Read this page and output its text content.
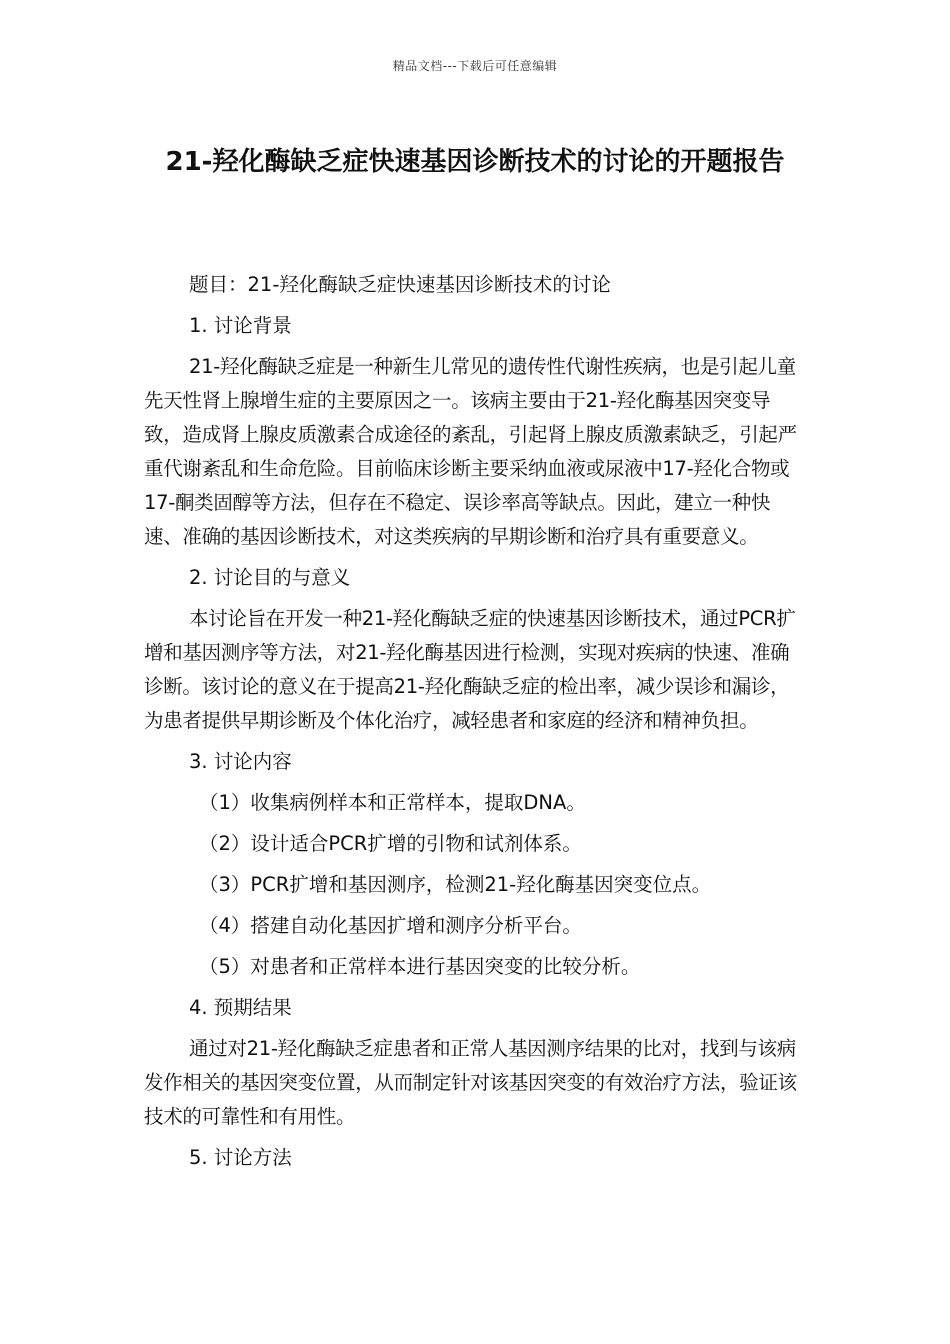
精品文档---下载后可任意编辑
21-羟化酶缺乏症快速基因诊断技术的讨论的开题报告

题目：21-羟化酶缺乏症快速基因诊断技术的讨论

1. 讨论背景

21-羟化酶缺乏症是一种新生儿常见的遗传性代谢性疾病，也是引起儿童先天性肾上腺增生症的主要原因之一。该病主要由于21-羟化酶基因突变导致，造成肾上腺皮质激素合成途径的紊乱，引起肾上腺皮质激素缺乏，引起严重代谢紊乱和生命危险。目前临床诊断主要采纳血液或尿液中17-羟化合物或17-酮类固醇等方法，但存在不稳定、误诊率高等缺点。因此，建立一种快速、准确的基因诊断技术，对这类疾病的早期诊断和治疗具有重要意义。

2. 讨论目的与意义

本讨论旨在开发一种21-羟化酶缺乏症的快速基因诊断技术，通过PCR扩增和基因测序等方法，对21-羟化酶基因进行检测，实现对疾病的快速、准确诊断。该讨论的意义在于提高21-羟化酶缺乏症的检出率，减少误诊和漏诊，为患者提供早期诊断及个体化治疗，减轻患者和家庭的经济和精神负担。

3. 讨论内容

（1）收集病例样本和正常样本，提取DNA。

（2）设计适合PCR扩增的引物和试剂体系。

（3）PCR扩增和基因测序，检测21-羟化酶基因突变位点。

（4）搭建自动化基因扩增和测序分析平台。

（5）对患者和正常样本进行基因突变的比较分析。

4. 预期结果

通过对21-羟化酶缺乏症患者和正常人基因测序结果的比对，找到与该病发作相关的基因突变位置，从而制定针对该基因突变的有效治疗方法，验证该技术的可靠性和有用性。

5. 讨论方法
